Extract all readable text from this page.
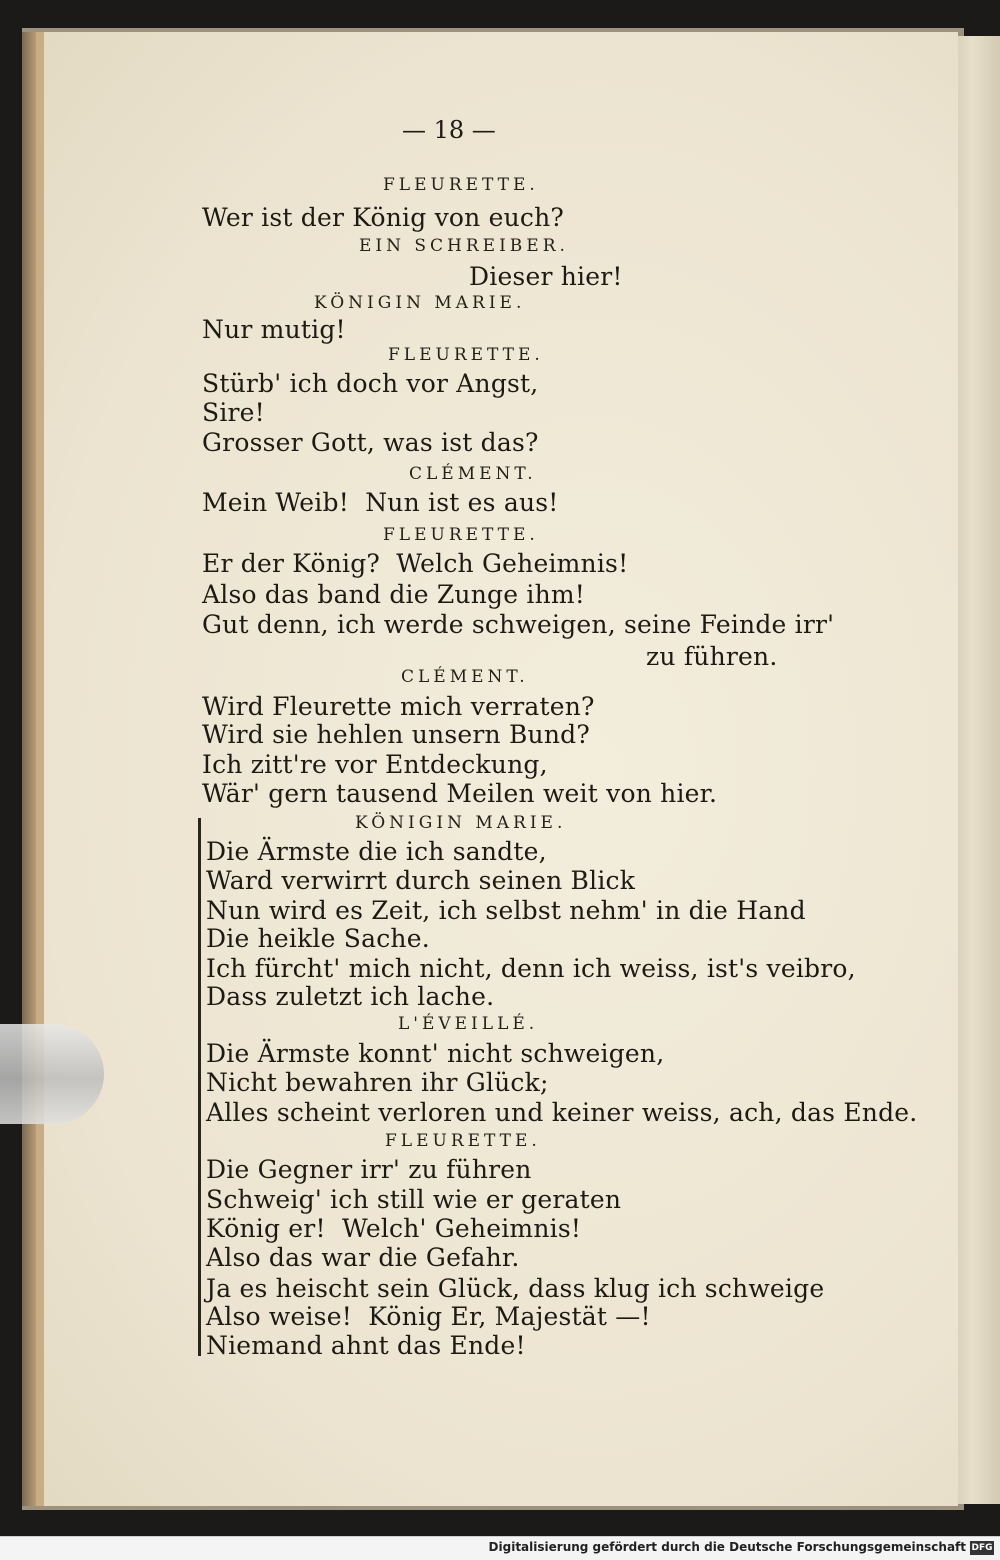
— 18 —
FLEURETTE.
Wer ist der König von euch?
EIN SCHREIBER.
Dieser hier!
KÖNIGIN MARIE.
Nur mutig!
FLEURETTE.
Stürb' ich doch vor Angst,
Sire!
Grosser Gott, was ist das?
CLÉMENT.
Mein Weib!  Nun ist es aus!
FLEURETTE.
Er der König?  Welch Geheimnis!
Also das band die Zunge ihm!
Gut denn, ich werde schweigen, seine Feinde irr'
zu führen.
CLÉMENT.
Wird Fleurette mich verraten?
Wird sie hehlen unsern Bund?
Ich zitt're vor Entdeckung,
Wär' gern tausend Meilen weit von hier.
KÖNIGIN MARIE.
Die Ärmste die ich sandte,
Ward verwirrt durch seinen Blick
Nun wird es Zeit, ich selbst nehm' in die Hand
Die heikle Sache.
Ich fürcht' mich nicht, denn ich weiss, ist's veibro,
Dass zuletzt ich lache.
L'ÉVEILLÉ.
Die Ärmste konnt' nicht schweigen,
Nicht bewahren ihr Glück;
Alles scheint verloren und keiner weiss, ach, das Ende.
FLEURETTE.
Die Gegner irr' zu führen
Schweig' ich still wie er geraten
König er!  Welch' Geheimnis!
Also das war die Gefahr.
Ja es heischt sein Glück, dass klug ich schweige
Also weise!  König Er, Majestät —!
Niemand ahnt das Ende!
Digitalisierung gefördert durch die Deutsche Forschungsgemeinschaft DFG
